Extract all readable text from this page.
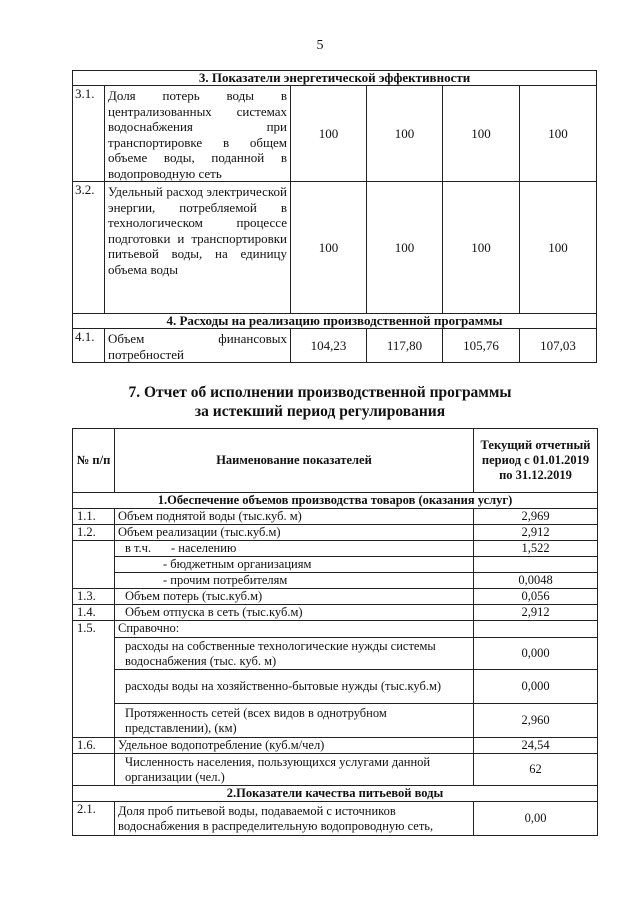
5
3. Показатели энергетической эффективности					
3.1.	Доля потерь воды в централизованных системах водоснабжения при транспортировке в общем объеме воды, поданной в водопроводную сеть	100	100	100	100
3.2.	Удельный расход электрической энергии, потребляемой в технологическом процессе подготовки и транспортировки питьевой воды, на единицу объема воды	100	100	100	100
4. Расходы на реализацию производственной программы					
4.1.	Объем финансовых потребностей	104,23	117,80	105,76	107,03
7. Отчет об исполнении производственной программы
за истекший период регулирования
№ п/п	Наименование показателей	Текущий отчетный период с 01.01.2019 по 31.12.2019
1.Обеспечение объемов производства товаров (оказания услуг)		
1.1.	Объем поднятой воды (тыс.куб. м)	2,969
1.2.	Объем реализации (тыс.куб.м)	2,912
	в т.ч. - населению	1,522
	- бюджетным организациям	
	- прочим потребителям	0,0048
1.3.	Объем потерь (тыс.куб.м)	0,056
1.4.	Объем отпуска в сеть (тыс.куб.м)	2,912
1.5.	Справочно:	
	расходы на собственные технологические нужды системы водоснабжения (тыс. куб. м)	0,000
	расходы воды на хозяйственно-бытовые нужды (тыс.куб.м)	0,000
	Протяженность сетей (всех видов в однотрубном представлении), (км)	2,960
1.6.	Удельное водопотребление (куб.м/чел)	24,54
	Численность населения, пользующихся услугами данной организации (чел.)	62
2.Показатели качества питьевой воды		
2.1.	Доля проб питьевой воды, подаваемой с источников водоснабжения в распределительную водопроводную сеть,	0,00
